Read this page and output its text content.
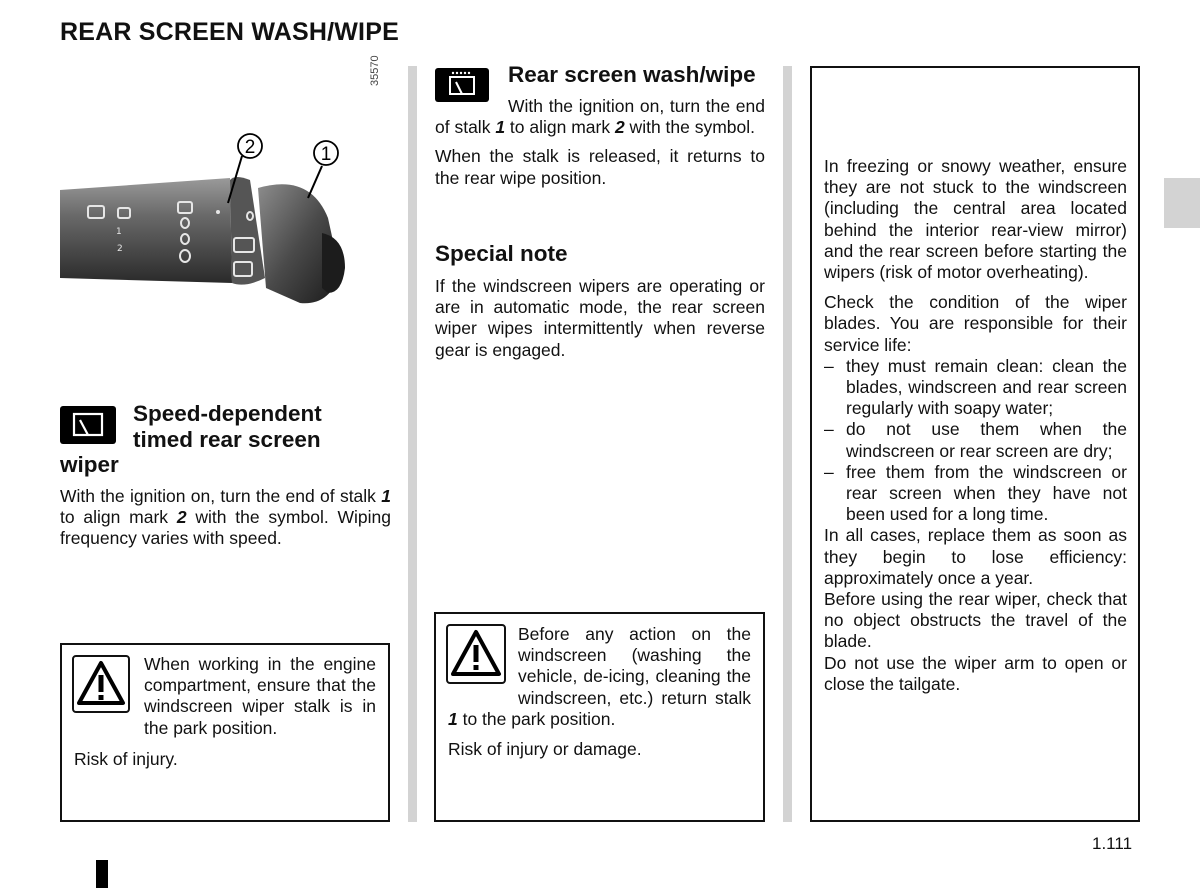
REAR SCREEN WASH/WIPE
35570
1
2
2	1
Speed-dependent
timed rear screen
wiper
With the ignition on, turn the end of stalk 1 to align mark 2 with the symbol. Wiping frequency varies with speed.
When working in the engine compartment, ensure that the windscreen wiper stalk is in the park position.
Risk of injury.
Rear screen wash/wipe

With the ignition on, turn the end of stalk 1 to align mark 2 with the symbol.

When the stalk is released, it returns to the rear wipe position.

Special note
If the windscreen wipers are operating or are in automatic mode, the rear screen wiper wipes intermittently when reverse gear is engaged.
Before any action on the windscreen (washing the vehicle, de-icing, cleaning the windscreen, etc.) return stalk 1 to the park position.
Risk of injury or damage.

In freezing or snowy weather, ensure they are not stuck to the windscreen (including the central area located behind the interior rear-view mirror) and the rear screen before starting the wipers (risk of motor overheating).

Check the condition of the wiper blades. You are responsible for their service life:

– they must remain clean: clean the blades, windscreen and rear screen regularly with soapy water;
– do not use them when the windscreen or rear screen are dry;
– free them from the windscreen or rear screen when they have not been used for a long time.

In all cases, replace them as soon as they begin to lose efficiency: approximately once a year.

Before using the rear wiper, check that no object obstructs the travel of the blade.

Do not use the wiper arm to open or close the tailgate.

1.111
